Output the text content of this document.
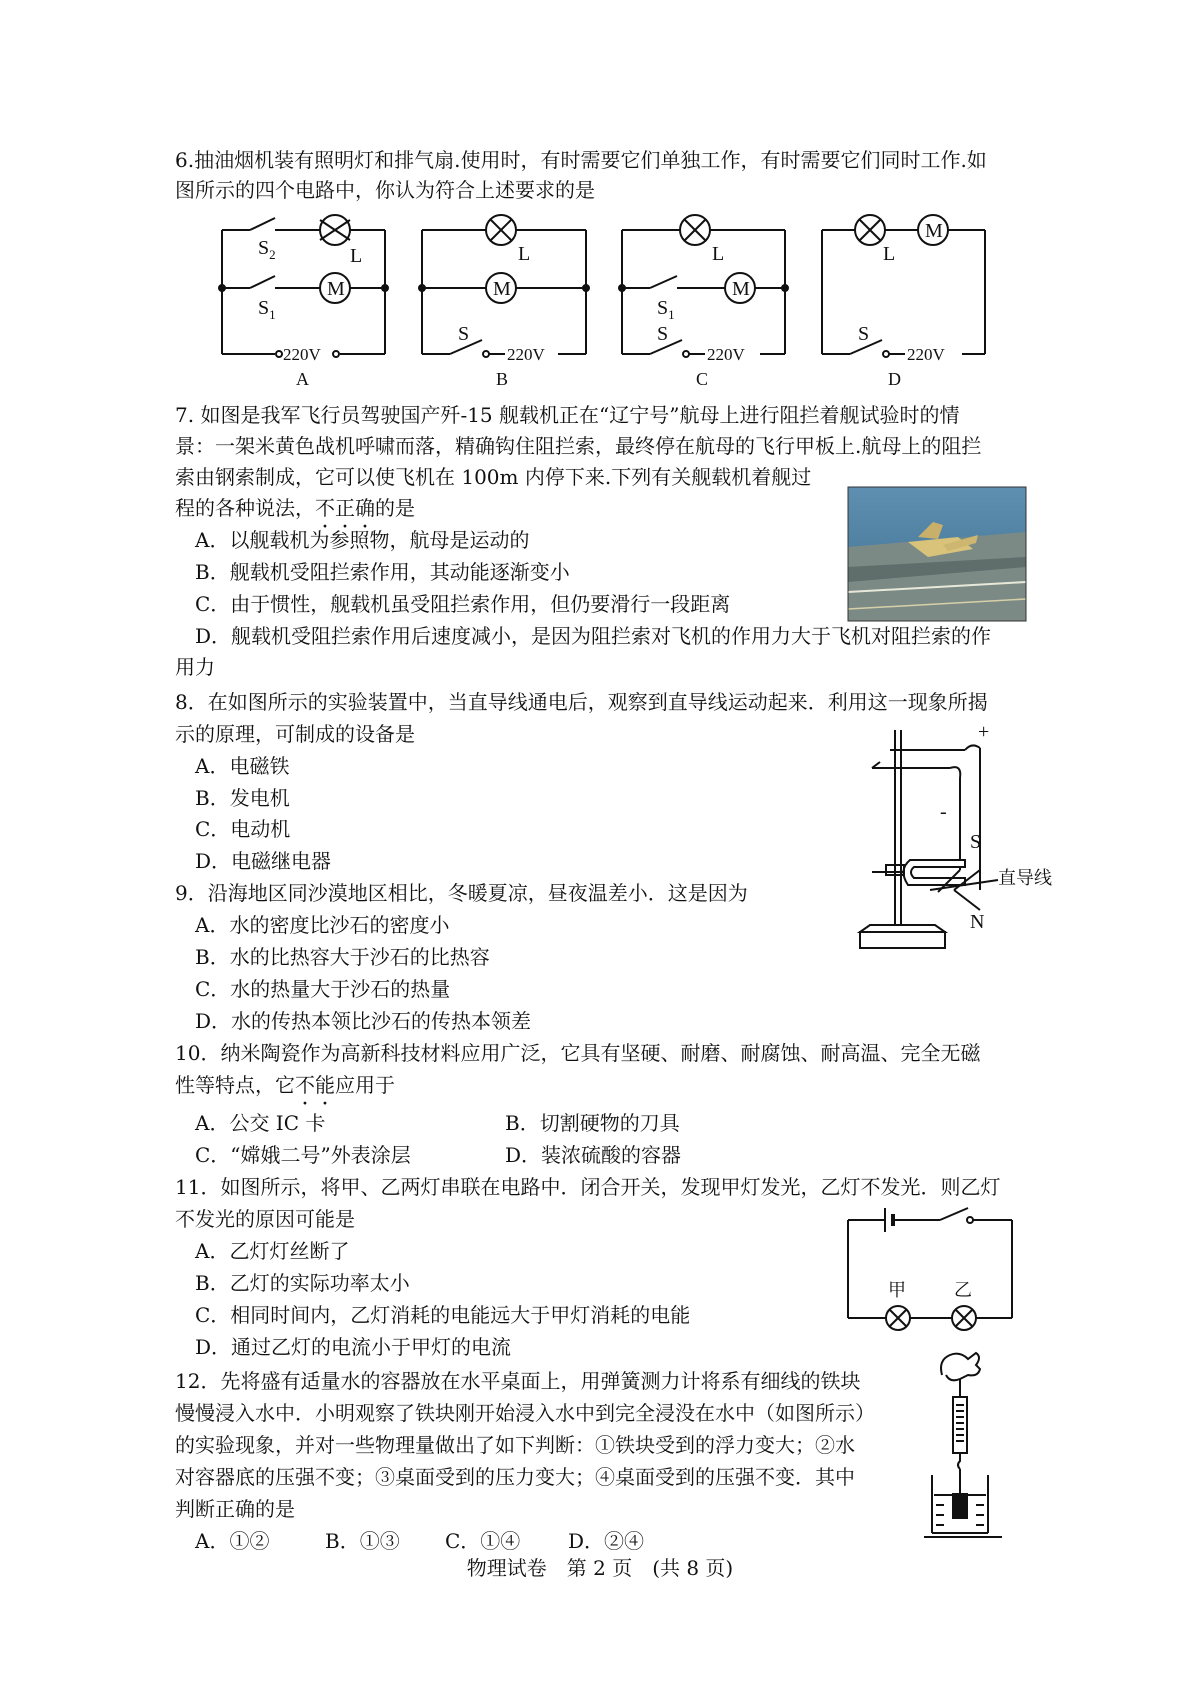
6.抽油烟机装有照明灯和排气扇.使用时，有时需要它们单独工作，有时需要它们同时工作.如
图所示的四个电路中，你认为符合上述要求的是
$S_2$	L
M
$S_1$
220V
A
L
M
S
220V
B
L
M
$S_1$
S
220V
C
L
M
S
220V
D
7. 如图是我军飞行员驾驶国产歼-15 舰载机正在“辽宁号”航母上进行阻拦着舰试验时的情
景：一架米黄色战机呼啸而落，精确钩住阻拦索，最终停在航母的飞行甲板上.航母上的阻拦
索由钢索制成，它可以使飞机在 100m 内停下来.下列有关舰载机着舰过
程的各种说法，不正确的是
A．以舰载机为参照物，航母是运动的
B．舰载机受阻拦索作用，其动能逐渐变小
C．由于惯性，舰载机虽受阻拦索作用，但仍要滑行一段距离
D．舰载机受阻拦索作用后速度减小，是因为阻拦索对飞机的作用力大于飞机对阻拦索的作
用力
8．在如图所示的实验装置中，当直导线通电后，观察到直导线运动起来．利用这一现象所揭
示的原理，可制成的设备是
A．电磁铁
B．发电机
C．电动机
D．电磁继电器
+
-
S
N
直导线
9．沿海地区同沙漠地区相比，冬暖夏凉，昼夜温差小．这是因为
A．水的密度比沙石的密度小
B．水的比热容大于沙石的比热容
C．水的热量大于沙石的热量
D．水的传热本领比沙石的传热本领差
10．纳米陶瓷作为高新科技材料应用广泛，它具有坚硬、耐磨、耐腐蚀、耐高温、完全无磁
性等特点，它不能应用于
A．公交 IC 卡	B．切割硬物的刀具
C．“嫦娥二号”外表涂层	D．装浓硫酸的容器
11．如图所示，将甲、乙两灯串联在电路中．闭合开关，发现甲灯发光，乙灯不发光．则乙灯
不发光的原因可能是
A．乙灯灯丝断了
B．乙灯的实际功率太小
C．相同时间内，乙灯消耗的电能远大于甲灯消耗的电能
D．通过乙灯的电流小于甲灯的电流
甲	乙
12．先将盛有适量水的容器放在水平桌面上，用弹簧测力计将系有细线的铁块
慢慢浸入水中．小明观察了铁块刚开始浸入水中到完全浸没在水中（如图所示）
的实验现象，并对一些物理量做出了如下判断：①铁块受到的浮力变大；②水
对容器底的压强不变；③桌面受到的压力变大；④桌面受到的压强不变．其中
判断正确的是
A．①②	B．①③ C．①④ D．②④
物理试卷　第 2 页　(共 8 页)
